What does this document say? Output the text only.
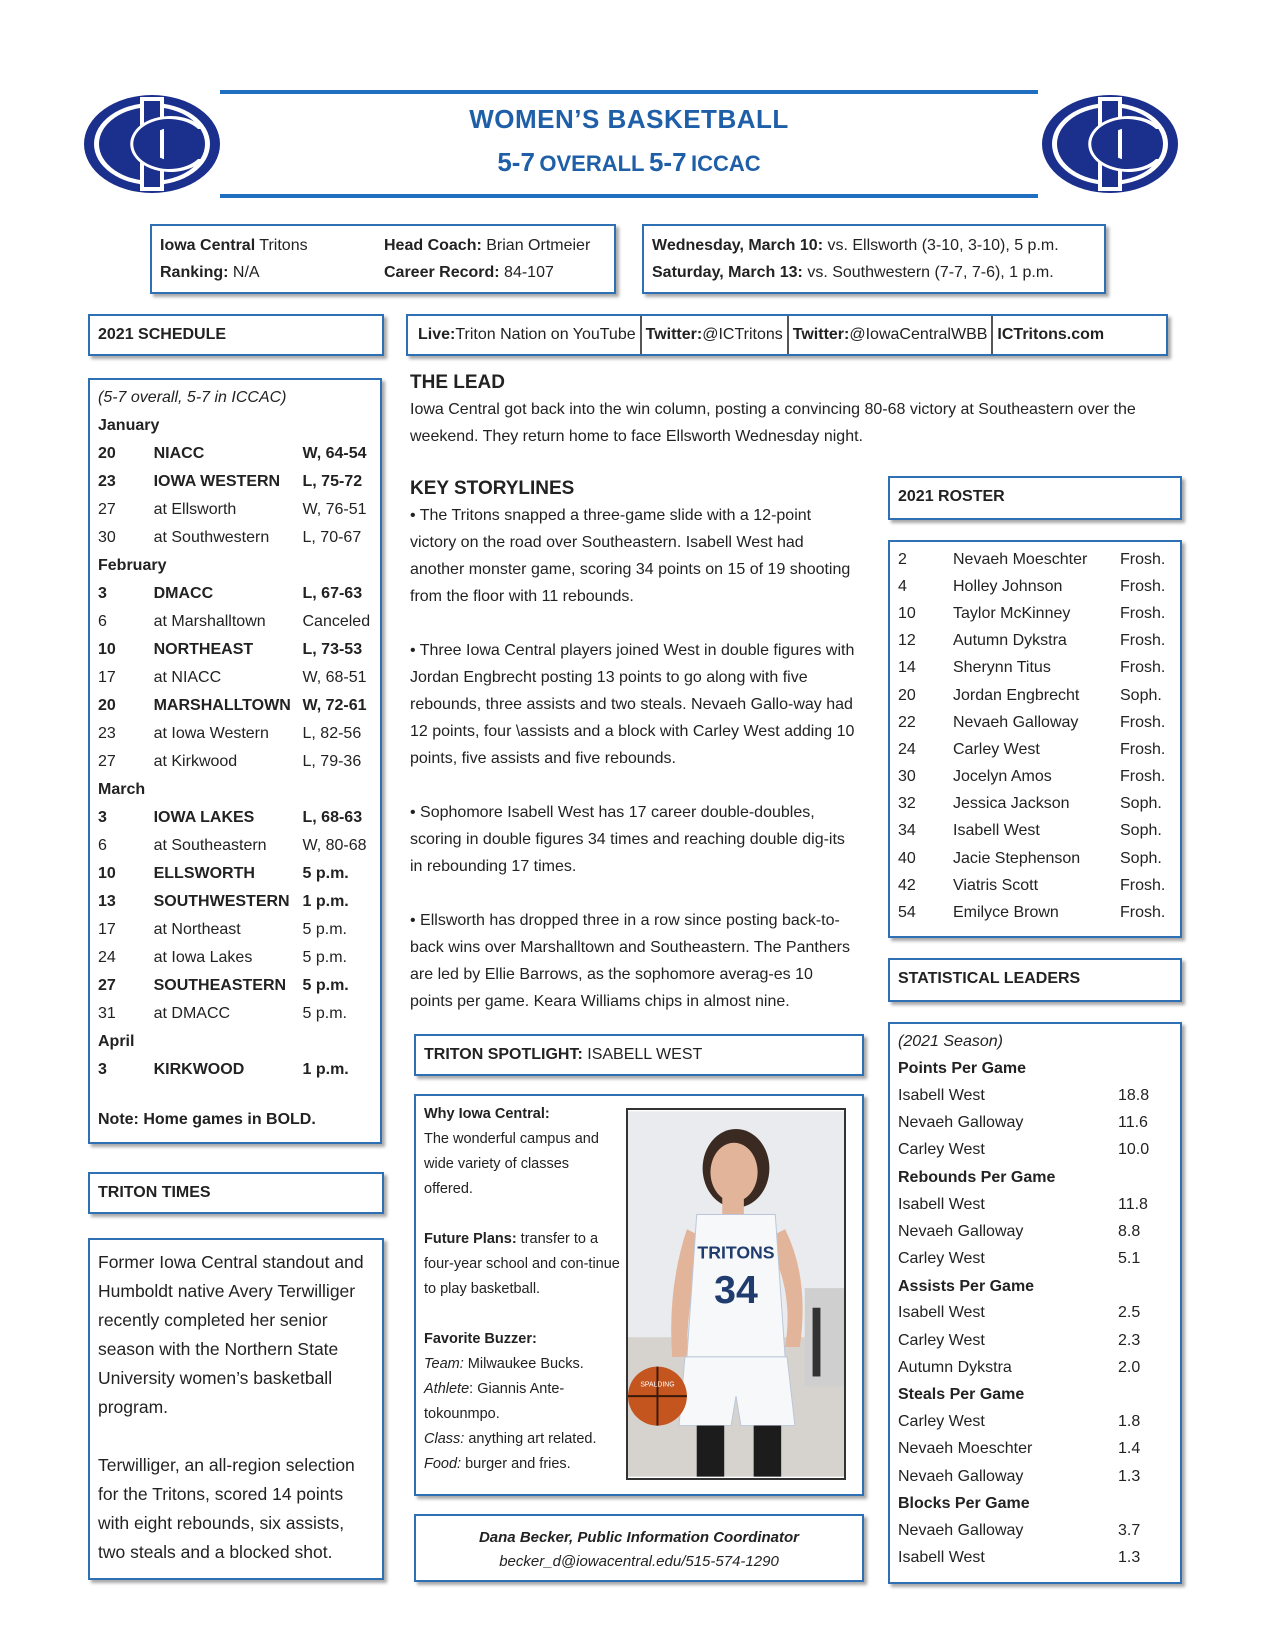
WOMEN’S BASKETBALL
5-7 OVERALL 5-7 ICCAC
Iowa Central Tritons	Head Coach: Brian Ortmeier
Ranking: N/A	Career Record: 84-107
Wednesday, March 10: vs. Ellsworth (3-10, 3-10), 5 p.m.
Saturday, March 13: vs. Southwestern (7-7, 7-6), 1 p.m.
2021 SCHEDULE	Live: Triton Nation on YouTube Twitter: @ICTritons Twitter: @IowaCentralWBB ICTritons.com
(5-7 overall, 5-7 in ICCAC)
January
20	NIACC	W, 64-54
23	IOWA WESTERN	L, 75-72
27	at Ellsworth	W, 76-51
30	at Southwestern	L, 70-67
February
3	DMACC	L, 67-63
6	at Marshalltown	Canceled
10	NORTHEAST	L, 73-53
17	at NIACC	W, 68-51
20	MARSHALLTOWN W, 72-61
23	at Iowa Western	L, 82-56
27	at Kirkwood	L, 79-36
March
3	IOWA LAKES	L, 68-63
6	at Southeastern	W, 80-68
10	ELLSWORTH	5 p.m.
13	SOUTHWESTERN 1 p.m.
17	at Northeast	5 p.m.
24	at Iowa Lakes	5 p.m.
27	SOUTHEASTERN	5 p.m.
31	at DMACC	5 p.m.
April
3	KIRKWOOD	1 p.m.
Note: Home games in BOLD.
TRITON TIMES
Former Iowa Central standout and Humboldt native Avery Terwilliger recently completed her senior season with the Northern State University women’s basketball program.
Terwilliger, an all-region selection for the Tritons, scored 14 points with eight rebounds, six assists, two steals and a blocked shot.
THE LEAD
Iowa Central got back into the win column, posting a convincing 80-68 victory at Southeastern over the weekend. They return home to face Ellsworth Wednesday night.
KEY STORYLINES
• The Tritons snapped a three-game slide with a 12-point victory on the road over Southeastern. Isabell West had another monster game, scoring 34 points on 15 of 19 shooting from the floor with 11 rebounds.
• Three Iowa Central players joined West in double figures with Jordan Engbrecht posting 13 points to go along with five rebounds, three assists and two steals. Nevaeh Gallo-way had 12 points, four \assists and a block with Carley West adding 10 points, five assists and five rebounds.
• Sophomore Isabell West has 17 career double-doubles, scoring in double figures 34 times and reaching double dig-its in rebounding 17 times.
• Ellsworth has dropped three in a row since posting back-to-back wins over Marshalltown and Southeastern. The Panthers are led by Ellie Barrows, as the sophomore averag-es 10 points per game. Keara Williams chips in almost nine.
TRITON SPOTLIGHT: ISABELL WEST
Why Iowa Central:
The wonderful campus and wide variety of classes offered.
Future Plans: transfer to a four-year school and con-tinue to play basketball.
Favorite Buzzer:
Team: Milwaukee Bucks.
Athlete: Giannis Ante-tokounmpo.
Class: anything art related.
Food: burger and fries.
TRITONS
34
SPALDING
Dana Becker, Public Information Coordinator
becker_d@iowacentral.edu/515-574-1290
2021 ROSTER
2	Nevaeh Moeschter	Frosh.
4	Holley Johnson	Frosh.
10	Taylor McKinney	Frosh.
12	Autumn Dykstra	Frosh.
14	Sherynn Titus	Frosh.
20	Jordan Engbrecht	Soph.
22	Nevaeh Galloway	Frosh.
24	Carley West	Frosh.
30	Jocelyn Amos	Frosh.
32	Jessica Jackson	Soph.
34	Isabell West	Soph.
40	Jacie Stephenson	Soph.
42	Viatris Scott	Frosh.
54	Emilyce Brown	Frosh.
STATISTICAL LEADERS
(2021 Season)
Points Per Game
Isabell West	18.8
Nevaeh Galloway	11.6
Carley West	10.0
Rebounds Per Game
Isabell West	11.8
Nevaeh Galloway	8.8
Carley West	5.1
Assists Per Game
Isabell West	2.5
Carley West	2.3
Autumn Dykstra	2.0
Steals Per Game
Carley West	1.8
Nevaeh Moeschter	1.4
Nevaeh Galloway	1.3
Blocks Per Game
Nevaeh Galloway	3.7
Isabell West	1.3
